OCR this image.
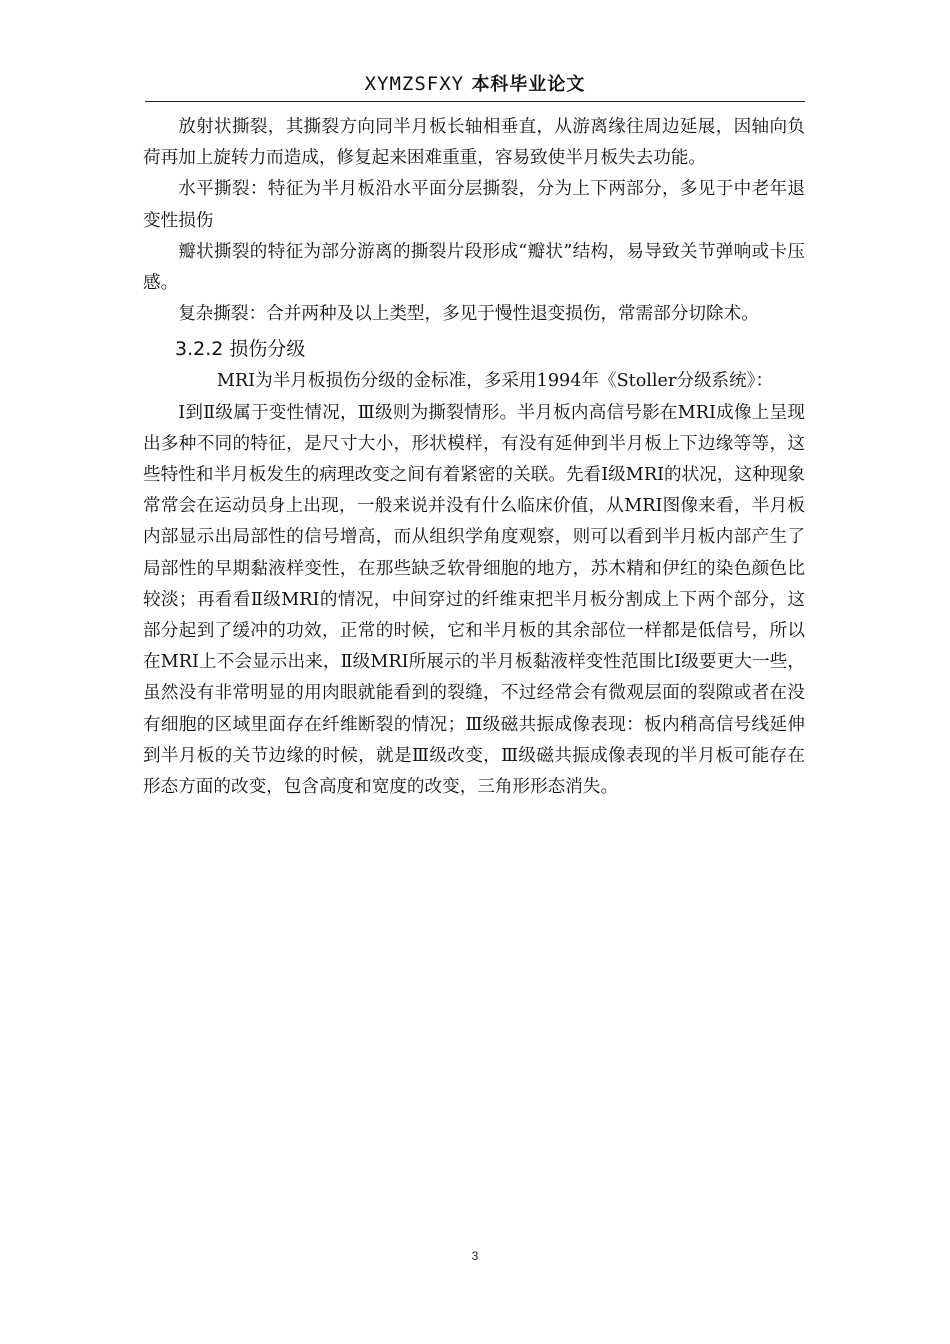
XYMZSFXY 本科毕业论文

放射状撕裂，其撕裂方向同半月板长轴相垂直，从游离缘往周边延展，因轴向负荷再加上旋转力而造成，修复起来困难重重，容易致使半月板失去功能。

水平撕裂：特征为半月板沿水平面分层撕裂，分为上下两部分，多见于中老年退变性损伤

瓣状撕裂的特征为部分游离的撕裂片段形成“瓣状”结构，易导致关节弹响或卡压感。

复杂撕裂：合并两种及以上类型，多见于慢性退变损伤，常需部分切除术。

3.2.2 损伤分级

MRI为半月板损伤分级的金标准，多采用1994年《Stoller分级系统》：

Ⅰ到Ⅱ级属于变性情况，Ⅲ级则为撕裂情形。半月板内高信号影在MRI成像上呈现出多种不同的特征，是尺寸大小，形状模样，有没有延伸到半月板上下边缘等等，这些特性和半月板发生的病理改变之间有着紧密的关联。先看Ⅰ级MRI的状况，这种现象常常会在运动员身上出现，一般来说并没有什么临床价值，从MRI图像来看，半月板内部显示出局部性的信号增高，而从组织学角度观察，则可以看到半月板内部产生了局部性的早期黏液样变性，在那些缺乏软骨细胞的地方，苏木精和伊红的染色颜色比较淡；再看看Ⅱ级MRI的情况，中间穿过的纤维束把半月板分割成上下两个部分，这部分起到了缓冲的功效，正常的时候，它和半月板的其余部位一样都是低信号，所以在MRI上不会显示出来，Ⅱ级MRI所展示的半月板黏液样变性范围比Ⅰ级要更大一些，虽然没有非常明显的用肉眼就能看到的裂缝，不过经常会有微观层面的裂隙或者在没有细胞的区域里面存在纤维断裂的情况；Ⅲ级磁共振成像表现：板内稍高信号线延伸到半月板的关节边缘的时候，就是Ⅲ级改变，Ⅲ级磁共振成像表现的半月板可能存在形态方面的改变，包含高度和宽度的改变，三角形形态消失。

3
